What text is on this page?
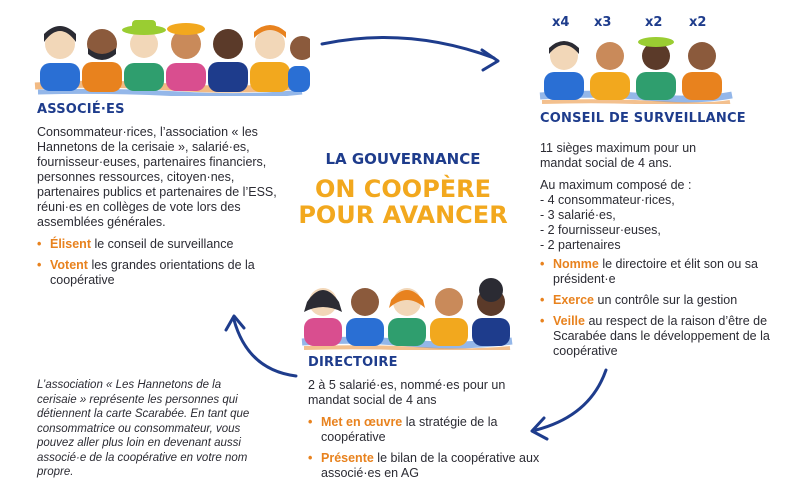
x4 x3	x2 x2
LA GOUVERNANCE
ON COOPÈRE
POUR AVANCER
ASSOCIÉ·ES

Consommateur·rices, l’association « les Hannetons de la cerisaie », salarié·es, fournisseur·euses, partenaires financiers, personnes ressources, citoyen·nes, partenaires publics et partenaires de l’ESS, réuni·es en collèges de vote lors des assemblées générales.

• Élisent le conseil de surveillance
• Votent les grandes orientations de la coopérative
CONSEIL DE SURVEILLANCE

11 sièges maximum pour un mandat social de 4 ans.

Au maximum composé de :
- 4 consommateur·rices,
- 3 salarié·es,
- 2 fournisseur·euses,
- 2 partenaires

• Nomme le directoire et élit son ou sa président·e
• Exerce un contrôle sur la gestion
• Veille au respect de la raison d’être de Scarabée dans le développement de la coopérative
DIRECTOIRE

2 à 5 salarié·es, nommé·es pour un mandat social de 4 ans

• Met en œuvre la stratégie de la coopérative
• Présente le bilan de la coopérative aux associé·es en AG
L’association « Les Hannetons de la cerisaie » représente les personnes qui détiennent la carte Scarabée. En tant que consommatrice ou consommateur, vous pouvez aller plus loin en devenant aussi associé·e de la coopérative en votre nom propre.
